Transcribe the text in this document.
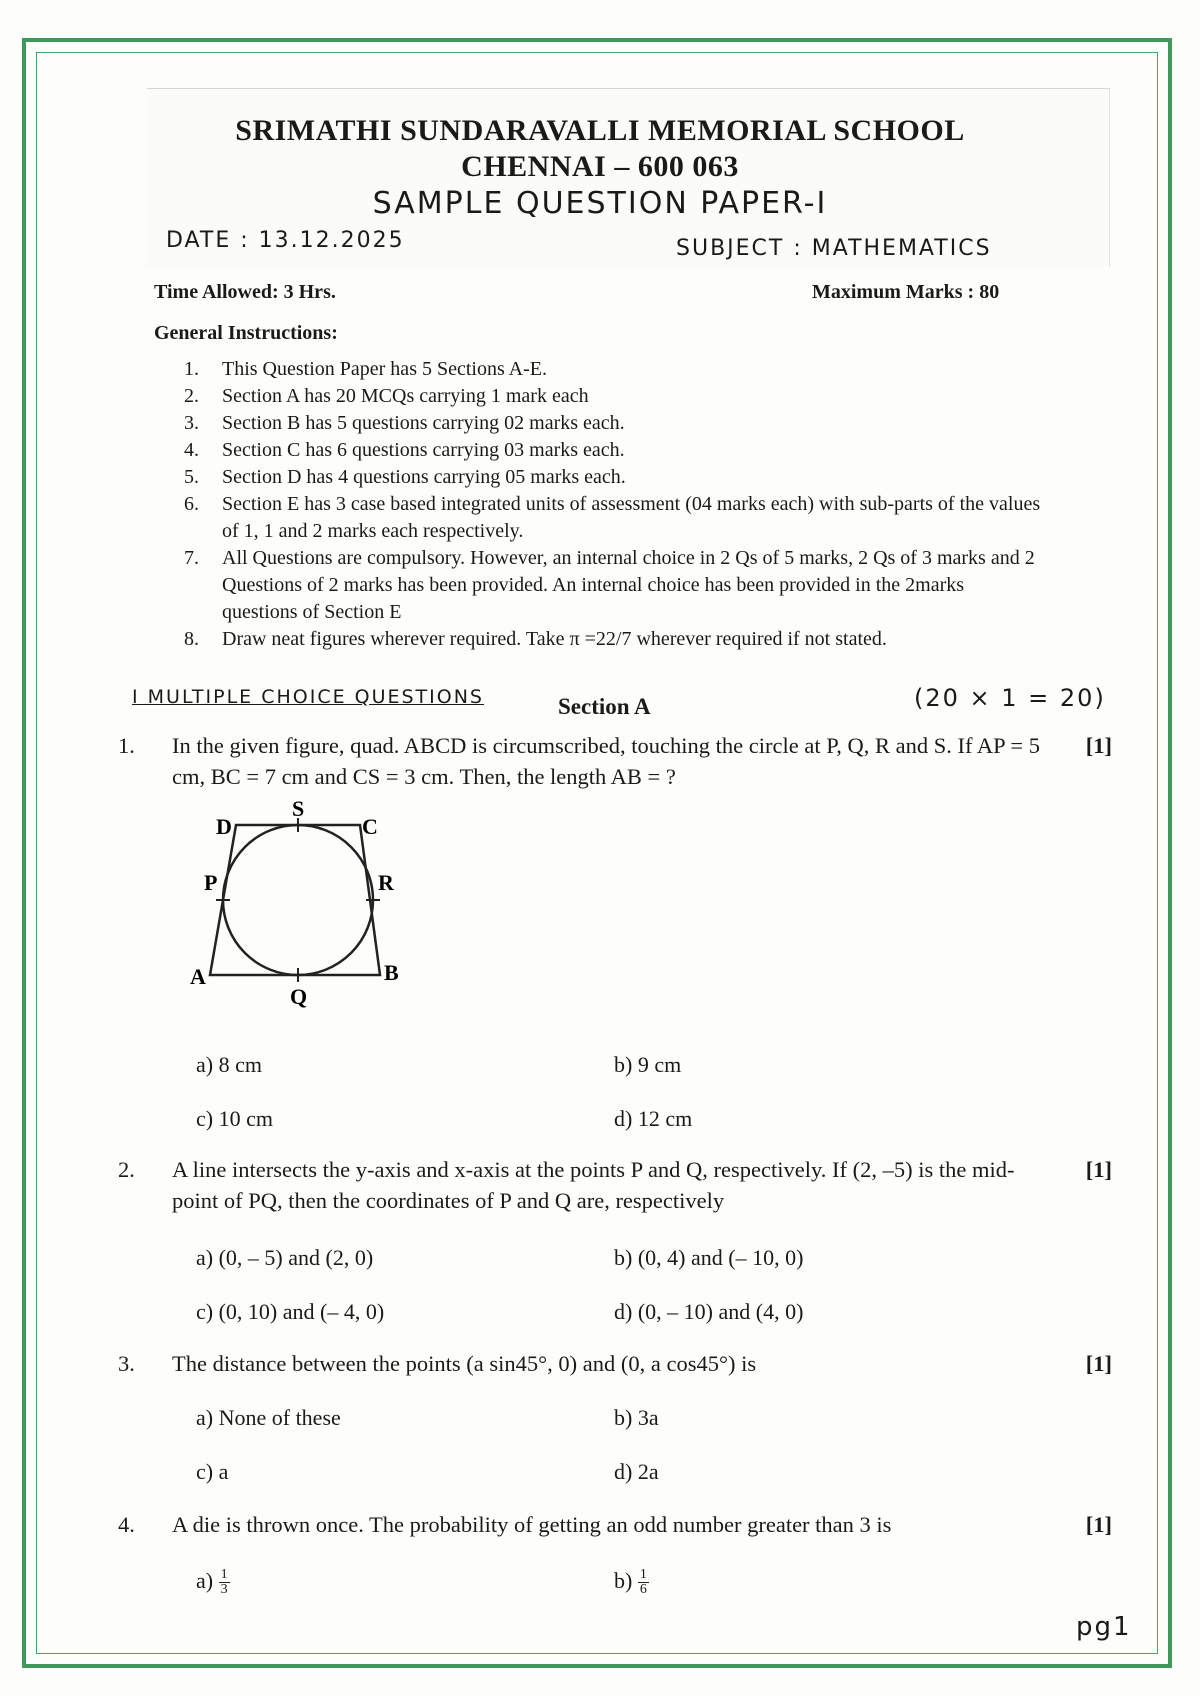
SRIMATHI SUNDARAVALLI MEMORIAL SCHOOL
CHENNAI – 600 063
SAMPLE QUESTION PAPER-I
DATE : 13.12.2025	SUBJECT : MATHEMATICS
Time Allowed: 3 Hrs.	Maximum Marks : 80
General Instructions:
1.	This Question Paper has 5 Sections A-E.
2.	Section A has 20 MCQs carrying 1 mark each
3.	Section B has 5 questions carrying 02 marks each.
4.	Section C has 6 questions carrying 03 marks each.
5.	Section D has 4 questions carrying 05 marks each.
6.	Section E has 3 case based integrated units of assessment (04 marks each) with sub-parts of the values of 1, 1 and 2 marks each respectively.
7.	All Questions are compulsory. However, an internal choice in 2 Qs of 5 marks, 2 Qs of 3 marks and 2 Questions of 2 marks has been provided. An internal choice has been provided in the 2marks questions of Section E
8.	Draw neat figures wherever required. Take π =22/7 wherever required if not stated.
I MULTIPLE CHOICE QUESTIONS	Section A	(20 × 1 = 20)
1. In the given figure, quad. ABCD is circumscribed, touching the circle at P, Q, R and S. If AP = 5 cm, BC = 7 cm and CS = 3 cm. Then, the length AB = ?
[1]
D	C
S
P	R
A	B
Q
a) 8 cm	b) 9 cm
c) 10 cm	d) 12 cm
2. A line intersects the y-axis and x-axis at the points P and Q, respectively. If (2, –5) is the mid-point of PQ, then the coordinates of P and Q are, respectively
[1]
a) (0, – 5) and (2, 0)	b) (0, 4) and (– 10, 0)
c) (0, 10) and (– 4, 0)	d) (0, – 10) and (4, 0)
3. The distance between the points (a sin45°, 0) and (0, a cos45°) is	[1]
a) None of these	b) 3a
c) a	d) 2a
4. A die is thrown once. The probability of getting an odd number greater than 3 is	[1]
$a) \frac{1}{3}$	$b) \frac{1}{6}$
pg1
